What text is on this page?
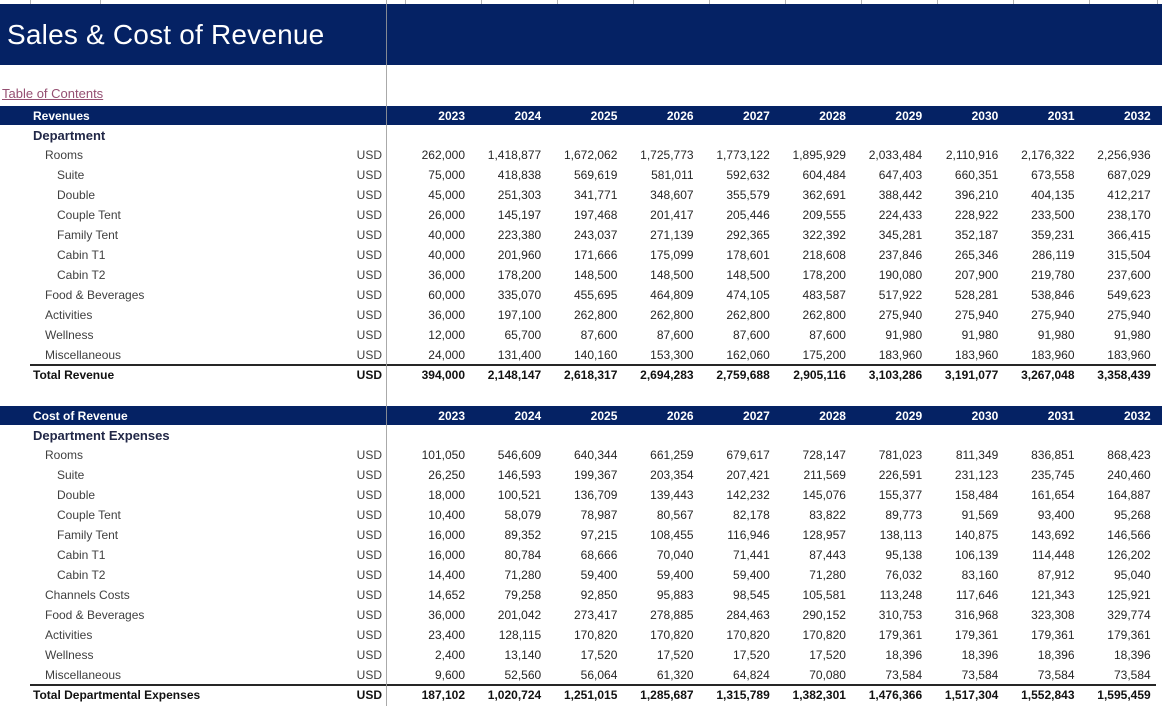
Sales & Cost of Revenue
Table of Contents
Revenues	2023	2024	2025	2026	2027	2028	2029	2030	2031	2032
Department
Rooms	USD	262,000	1,418,877	1,672,062	1,725,773	1,773,122	1,895,929	2,033,484	2,110,916	2,176,322	2,256,936
Suite	USD	75,000	418,838	569,619	581,011	592,632	604,484	647,403	660,351	673,558	687,029
Double	USD	45,000	251,303	341,771	348,607	355,579	362,691	388,442	396,210	404,135	412,217
Couple Tent	USD	26,000	145,197	197,468	201,417	205,446	209,555	224,433	228,922	233,500	238,170
Family Tent	USD	40,000	223,380	243,037	271,139	292,365	322,392	345,281	352,187	359,231	366,415
Cabin T1	USD	40,000	201,960	171,666	175,099	178,601	218,608	237,846	265,346	286,119	315,504
Cabin T2	USD	36,000	178,200	148,500	148,500	148,500	178,200	190,080	207,900	219,780	237,600
Food & Beverages	USD	60,000	335,070	455,695	464,809	474,105	483,587	517,922	528,281	538,846	549,623
Activities	USD	36,000	197,100	262,800	262,800	262,800	262,800	275,940	275,940	275,940	275,940
Wellness	USD	12,000	65,700	87,600	87,600	87,600	87,600	91,980	91,980	91,980	91,980
Miscellaneous	USD	24,000	131,400	140,160	153,300	162,060	175,200	183,960	183,960	183,960	183,960
Total Revenue	USD	394,000	2,148,147	2,618,317	2,694,283	2,759,688	2,905,116	3,103,286	3,191,077	3,267,048	3,358,439
Cost of Revenue	2023	2024	2025	2026	2027	2028	2029	2030	2031	2032
Department Expenses
Rooms	USD	101,050	546,609	640,344	661,259	679,617	728,147	781,023	811,349	836,851	868,423
Suite	USD	26,250	146,593	199,367	203,354	207,421	211,569	226,591	231,123	235,745	240,460
Double	USD	18,000	100,521	136,709	139,443	142,232	145,076	155,377	158,484	161,654	164,887
Couple Tent	USD	10,400	58,079	78,987	80,567	82,178	83,822	89,773	91,569	93,400	95,268
Family Tent	USD	16,000	89,352	97,215	108,455	116,946	128,957	138,113	140,875	143,692	146,566
Cabin T1	USD	16,000	80,784	68,666	70,040	71,441	87,443	95,138	106,139	114,448	126,202
Cabin T2	USD	14,400	71,280	59,400	59,400	59,400	71,280	76,032	83,160	87,912	95,040
Channels Costs	USD	14,652	79,258	92,850	95,883	98,545	105,581	113,248	117,646	121,343	125,921
Food & Beverages	USD	36,000	201,042	273,417	278,885	284,463	290,152	310,753	316,968	323,308	329,774
Activities	USD	23,400	128,115	170,820	170,820	170,820	170,820	179,361	179,361	179,361	179,361
Wellness	USD	2,400	13,140	17,520	17,520	17,520	17,520	18,396	18,396	18,396	18,396
Miscellaneous	USD	9,600	52,560	56,064	61,320	64,824	70,080	73,584	73,584	73,584	73,584
Total Departmental Expenses	USD	187,102	1,020,724	1,251,015	1,285,687	1,315,789	1,382,301	1,476,366	1,517,304	1,552,843	1,595,459
